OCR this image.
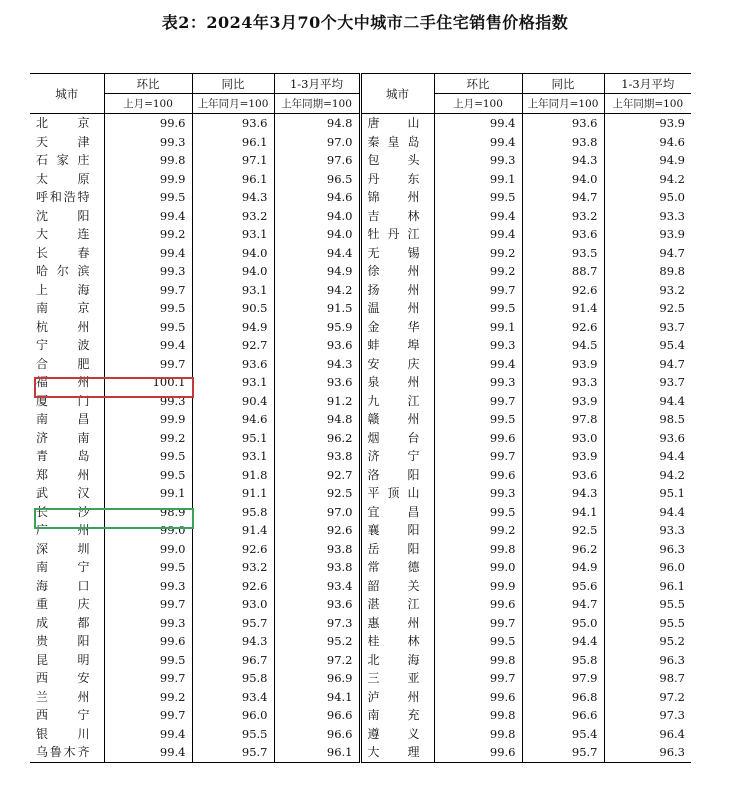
表2：2024年3月70个大中城市二手住宅销售价格指数
城市	环比	同比	1-3月平均	城市	环比	同比	1-3月平均
	上月=100	上年同月=100	上年同期=100		上月=100	上年同月=100	上年同期=100
北京	99.6	93.6	94.8	唐山	99.4	93.6	93.9
天津	99.3	96.1	97.0	秦皇岛	99.4	93.8	94.6
石家庄	99.8	97.1	97.6	包头	99.3	94.3	94.9
太原	99.9	96.1	96.5	丹东	99.1	94.0	94.2
呼和浩特	99.5	94.3	94.6	锦州	99.5	94.7	95.0
沈阳	99.4	93.2	94.0	吉林	99.4	93.2	93.3
大连	99.2	93.1	94.0	牡丹江	99.4	93.6	93.9
长春	99.4	94.0	94.4	无锡	99.2	93.5	94.7
哈尔滨	99.3	94.0	94.9	徐州	99.2	88.7	89.8
上海	99.7	93.1	94.2	扬州	99.7	92.6	93.2
南京	99.5	90.5	91.5	温州	99.5	91.4	92.5
杭州	99.5	94.9	95.9	金华	99.1	92.6	93.7
宁波	99.4	92.7	93.6	蚌埠	99.3	94.5	95.4
合肥	99.7	93.6	94.3	安庆	99.4	93.9	94.7
福州	100.1	93.1	93.6	泉州	99.3	93.3	93.7
厦门	99.3	90.4	91.2	九江	99.7	93.9	94.4
南昌	99.9	94.6	94.8	赣州	99.5	97.8	98.5
济南	99.2	95.1	96.2	烟台	99.6	93.0	93.6
青岛	99.5	93.1	93.8	济宁	99.7	93.9	94.4
郑州	99.5	91.8	92.7	洛阳	99.6	93.6	94.2
武汉	99.1	91.1	92.5	平顶山	99.3	94.3	95.1
长沙	98.9	95.8	97.0	宜昌	99.5	94.1	94.4
广州	99.0	91.4	92.6	襄阳	99.2	92.5	93.3
深圳	99.0	92.6	93.8	岳阳	99.8	96.2	96.3
南宁	99.5	93.2	93.8	常德	99.0	94.9	96.0
海口	99.3	92.6	93.4	韶关	99.9	95.6	96.1
重庆	99.7	93.0	93.6	湛江	99.6	94.7	95.5
成都	99.3	95.7	97.3	惠州	99.7	95.0	95.5
贵阳	99.6	94.3	95.2	桂林	99.5	94.4	95.2
昆明	99.5	96.7	97.2	北海	99.8	95.8	96.3
西安	99.7	95.8	96.9	三亚	99.7	97.9	98.7
兰州	99.2	93.4	94.1	泸州	99.6	96.8	97.2
西宁	99.7	96.0	96.6	南充	99.8	96.6	97.3
银川	99.4	95.5	96.6	遵义	99.8	95.4	96.4
乌鲁木齐	99.4	95.7	96.1	大理	99.6	95.7	96.3
